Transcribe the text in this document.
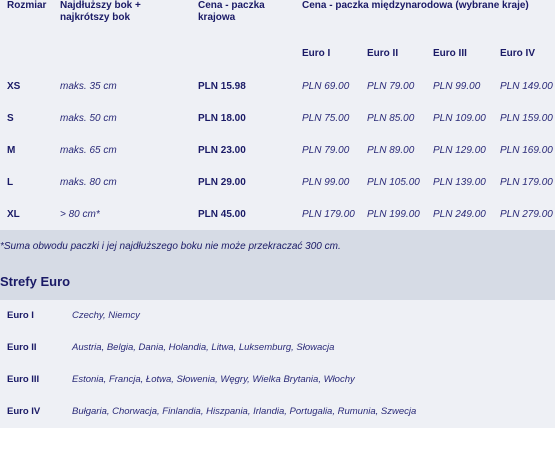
Rozmiar Najdłuższy bok + najkrótszy bok
Cena - paczka krajowa
Cena - paczka międzynarodowa (wybrane kraje)
Euro I	Euro II	Euro III	Euro IV
XS	maks. 35 cm	PLN 15.98	PLN 69.00 PLN 79.00 PLN 99.00 PLN 149.00
S	maks. 50 cm	PLN 18.00	PLN 75.00 PLN 85.00 PLN 109.00 PLN 159.00
M	maks. 65 cm	PLN 23.00	PLN 79.00 PLN 89.00 PLN 129.00 PLN 169.00
L	maks. 80 cm	PLN 29.00	PLN 99.00 PLN 105.00 PLN 139.00 PLN 179.00
XL	> 80 cm*	PLN 45.00	PLN 179.00 PLN 199.00 PLN 249.00 PLN 279.00
*Suma obwodu paczki i jej najdłuższego boku nie może przekraczać 300 cm.
Strefy Euro
Euro I	Czechy, Niemcy
Euro II	Austria, Belgia, Dania, Holandia, Litwa, Luksemburg, Słowacja
Euro III	Estonia, Francja, Łotwa, Słowenia, Węgry, Wielka Brytania, Włochy
Euro IV	Bułgaria, Chorwacja, Finlandia, Hiszpania, Irlandia, Portugalia, Rumunia, Szwecja
